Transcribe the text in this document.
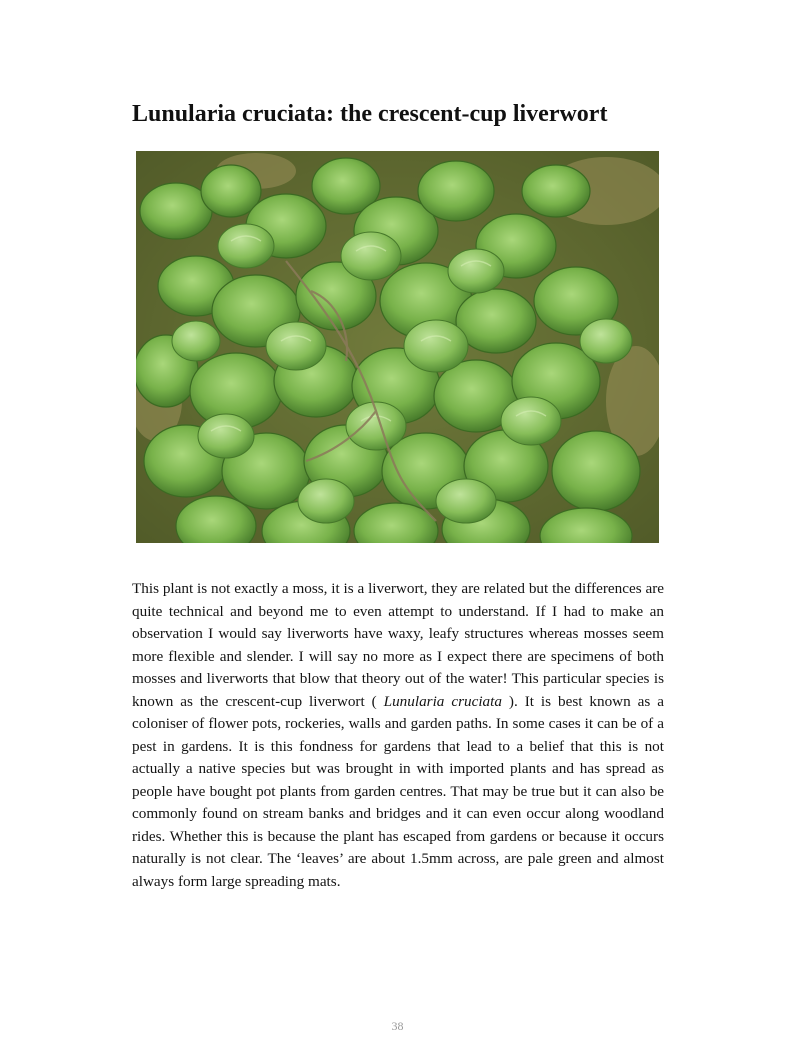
Lunularia cruciata: the crescent-cup liverwort

This plant is not exactly a moss, it is a liverwort, they are related but the differences are quite technical and beyond me to even attempt to understand. If I had to make an observation I would say liverworts have waxy, leafy structures whereas mosses seem more flexible and slender. I will say no more as I expect there are specimens of both mosses and liverworts that blow that theory out of the water! This particular species is known as the crescent-cup liverwort ( Lunularia cruciata ). It is best known as a coloniser of flower pots, rockeries, walls and garden paths. In some cases it can be of a pest in gardens. It is this fondness for gardens that lead to a belief that this is not actually a native species but was brought in with imported plants and has spread as people have bought pot plants from garden centres. That may be true but it can also be commonly found on stream banks and bridges and it can even occur along woodland rides. Whether this is because the plant has escaped from gardens or because it occurs naturally is not clear. The ‘leaves’ are about 1.5mm across, are pale green and almost always form large spreading mats.

38
